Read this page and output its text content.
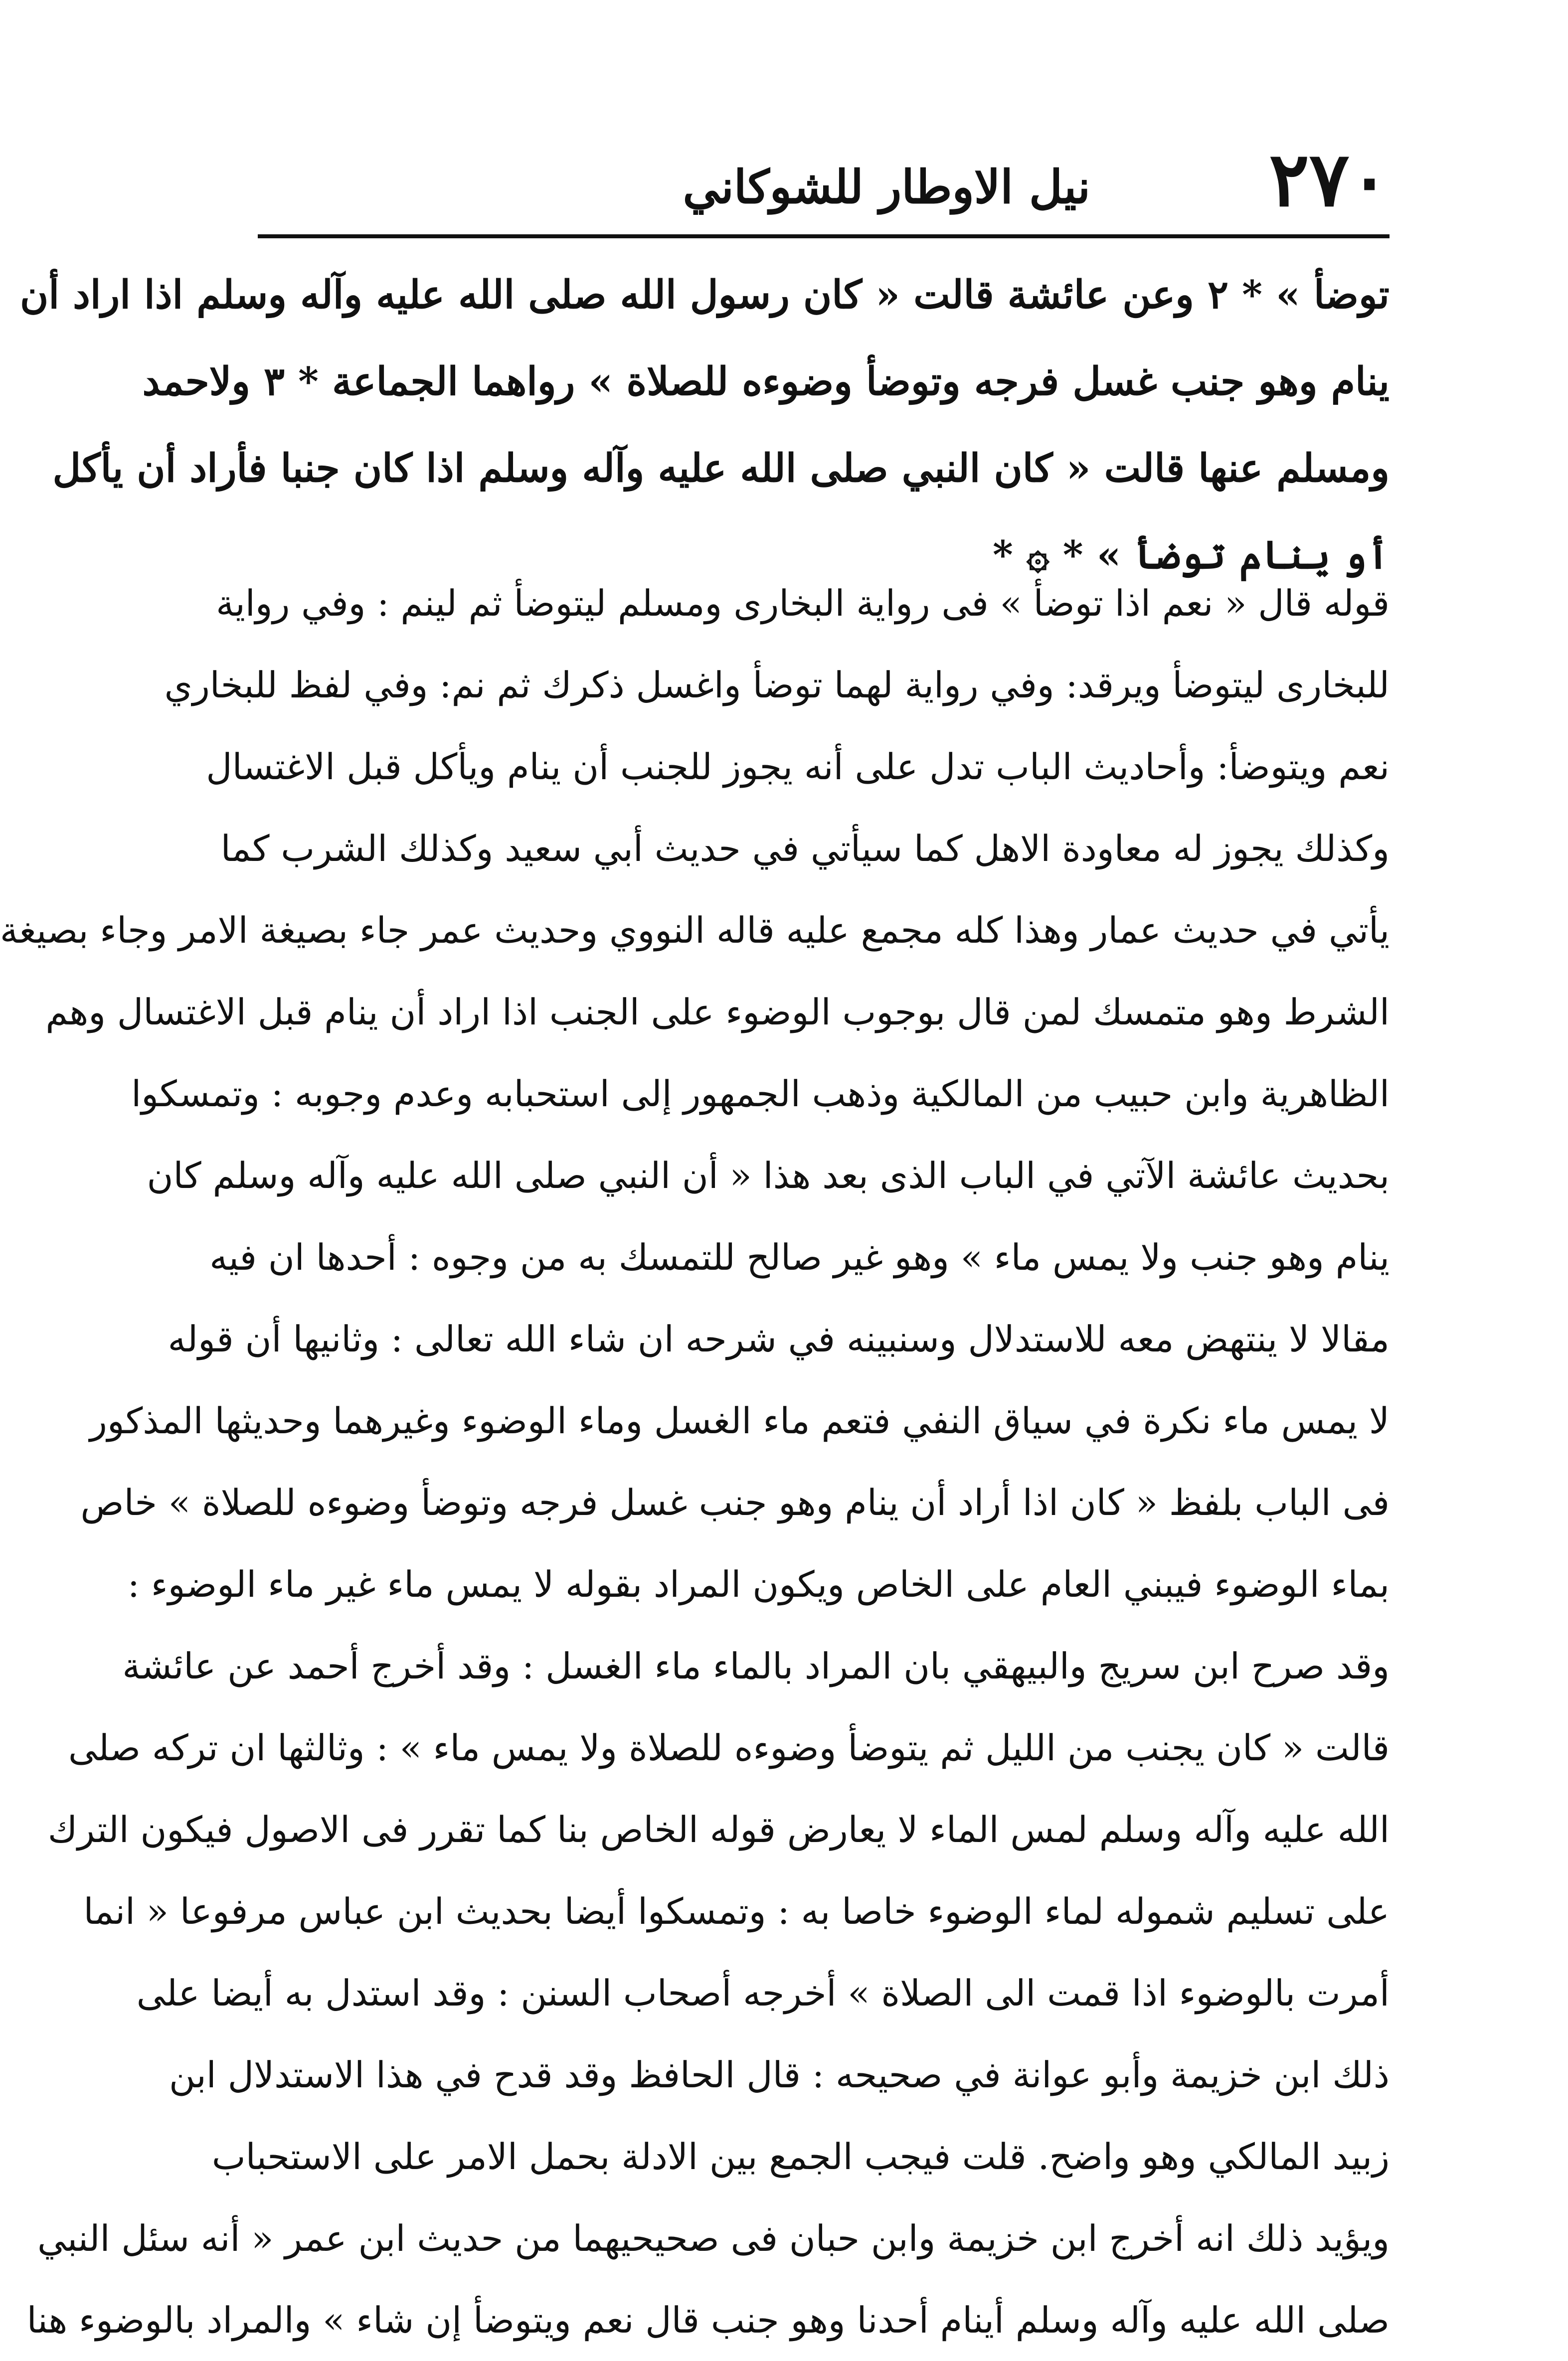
٢٧٠
نيل الاوطار للشوكاني
توضأ » * ٢ وعن عائشة قالت « كان رسول الله صلى الله عليه وآله وسلم اذا اراد أن
ينام وهو جنب غسل فرجه وتوضأ وضوءه للصلاة » رواهما الجماعة * ٣ ولاحمد
ومسلم عنها قالت « كان النبي صلى الله عليه وآله وسلم اذا كان جنبا فأراد أن يأكل
أو ينام توضأ » * ۞ *
قوله قال « نعم اذا توضأ » فى رواية البخارى ومسلم ليتوضأ ثم لينم : وفي رواية
للبخارى ليتوضأ ويرقد: وفي رواية لهما توضأ واغسل ذكرك ثم نم: وفي لفظ للبخاري
نعم ويتوضأ: وأحاديث الباب تدل على أنه يجوز للجنب أن ينام ويأكل قبل الاغتسال
وكذلك يجوز له معاودة الاهل كما سيأتي في حديث أبي سعيد وكذلك الشرب كما
يأتي في حديث عمار وهذا كله مجمع عليه قاله النووي وحديث عمر جاء بصيغة الامر وجاء بصيغة
الشرط وهو متمسك لمن قال بوجوب الوضوء على الجنب اذا اراد أن ينام قبل الاغتسال وهم
الظاهرية وابن حبيب من المالكية وذهب الجمهور إلى استحبابه وعدم وجوبه : وتمسكوا
بحديث عائشة الآتي في الباب الذى بعد هذا « أن النبي صلى الله عليه وآله وسلم كان
ينام وهو جنب ولا يمس ماء » وهو غير صالح للتمسك به من وجوه : أحدها ان فيه
مقالا لا ينتهض معه للاستدلال وسنبينه في شرحه ان شاء الله تعالى : وثانيها أن قوله
لا يمس ماء نكرة في سياق النفي فتعم ماء الغسل وماء الوضوء وغيرهما وحديثها المذكور
فى الباب بلفظ « كان اذا أراد أن ينام وهو جنب غسل فرجه وتوضأ وضوءه للصلاة » خاص
بماء الوضوء فيبني العام على الخاص ويكون المراد بقوله لا يمس ماء غير ماء الوضوء :
وقد صرح ابن سريج والبيهقي بان المراد بالماء ماء الغسل : وقد أخرج أحمد عن عائشة
قالت « كان يجنب من الليل ثم يتوضأ وضوءه للصلاة ولا يمس ماء » : وثالثها ان تركه صلى
الله عليه وآله وسلم لمس الماء لا يعارض قوله الخاص بنا كما تقرر فى الاصول فيكون الترك
على تسليم شموله لماء الوضوء خاصا به : وتمسكوا أيضا بحديث ابن عباس مرفوعا « انما
أمرت بالوضوء اذا قمت الى الصلاة » أخرجه أصحاب السنن : وقد استدل به أيضا على
ذلك ابن خزيمة وأبو عوانة في صحيحه : قال الحافظ وقد قدح في هذا الاستدلال ابن
زبيد المالكي وهو واضح. قلت فيجب الجمع بين الادلة بحمل الامر على الاستحباب
ويؤيد ذلك انه أخرج ابن خزيمة وابن حبان فى صحيحيهما من حديث ابن عمر « أنه سئل النبي
صلى الله عليه وآله وسلم أينام أحدنا وهو جنب قال نعم ويتوضأ إن شاء » والمراد بالوضوء هنا
